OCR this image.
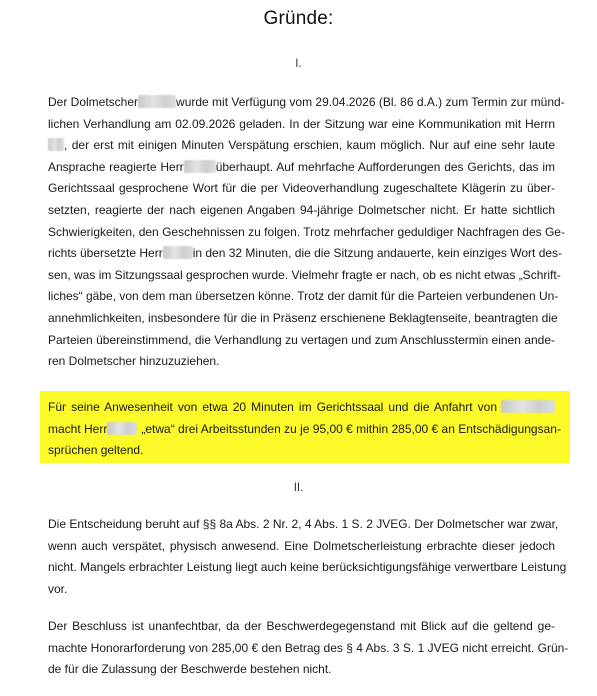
Gründe:
I.
Der Dolmetscher	wurde mit Verfügung vom 29.04.2026 (Bl. 86 d.A.) zum Termin zur münd-
lichen Verhandlung am 02.09.2026 geladen. In der Sitzung war eine Kommunikation mit Herrn
, der erst mit einigen Minuten Verspätung erschien, kaum möglich. Nur auf eine sehr laute
Ansprache reagierte Herr	überhaupt. Auf mehrfache Aufforderungen des Gerichts, das im
Gerichtssaal gesprochene Wort für die per Videoverhandlung zugeschaltete Klägerin zu über-
setzten, reagierte der nach eigenen Angaben 94-jährige Dolmetscher nicht. Er hatte sichtlich
Schwierigkeiten, den Geschehnissen zu folgen. Trotz mehrfacher geduldiger Nachfragen des Ge-
richts übersetzte Herr	in den 32 Minuten, die die Sitzung andauerte, kein einziges Wort des-
sen, was im Sitzungssaal gesprochen wurde. Vielmehr fragte er nach, ob es nicht etwas „Schrift-
liches“ gäbe, von dem man übersetzen könne. Trotz der damit für die Parteien verbundenen Un-
annehmlichkeiten, insbesondere für die in Präsenz erschienene Beklagtenseite, beantragten die
Parteien übereinstimmend, die Verhandlung zu vertagen und zum Anschlusstermin einen ande-
ren Dolmetscher hinzuzuziehen.
Für seine Anwesenheit von etwa 20 Minuten im Gerichtssaal und die Anfahrt von
macht Herr	„etwa“ drei Arbeitsstunden zu je 95,00 € mithin 285,00 € an Entschädigungsan-
sprüchen geltend.
II.
Die Entscheidung beruht auf §§ 8a Abs. 2 Nr. 2, 4 Abs. 1 S. 2 JVEG. Der Dolmetscher war zwar,
wenn auch verspätet, physisch anwesend. Eine Dolmetscherleistung erbrachte dieser jedoch
nicht. Mangels erbrachter Leistung liegt auch keine berücksichtigungsfähige verwertbare Leistung
vor.
Der Beschluss ist unanfechtbar, da der Beschwerdegegenstand mit Blick auf die geltend ge-
machte Honorarforderung von 285,00 € den Betrag des § 4 Abs. 3 S. 1 JVEG nicht erreicht. Grün-
de für die Zulassung der Beschwerde bestehen nicht.
